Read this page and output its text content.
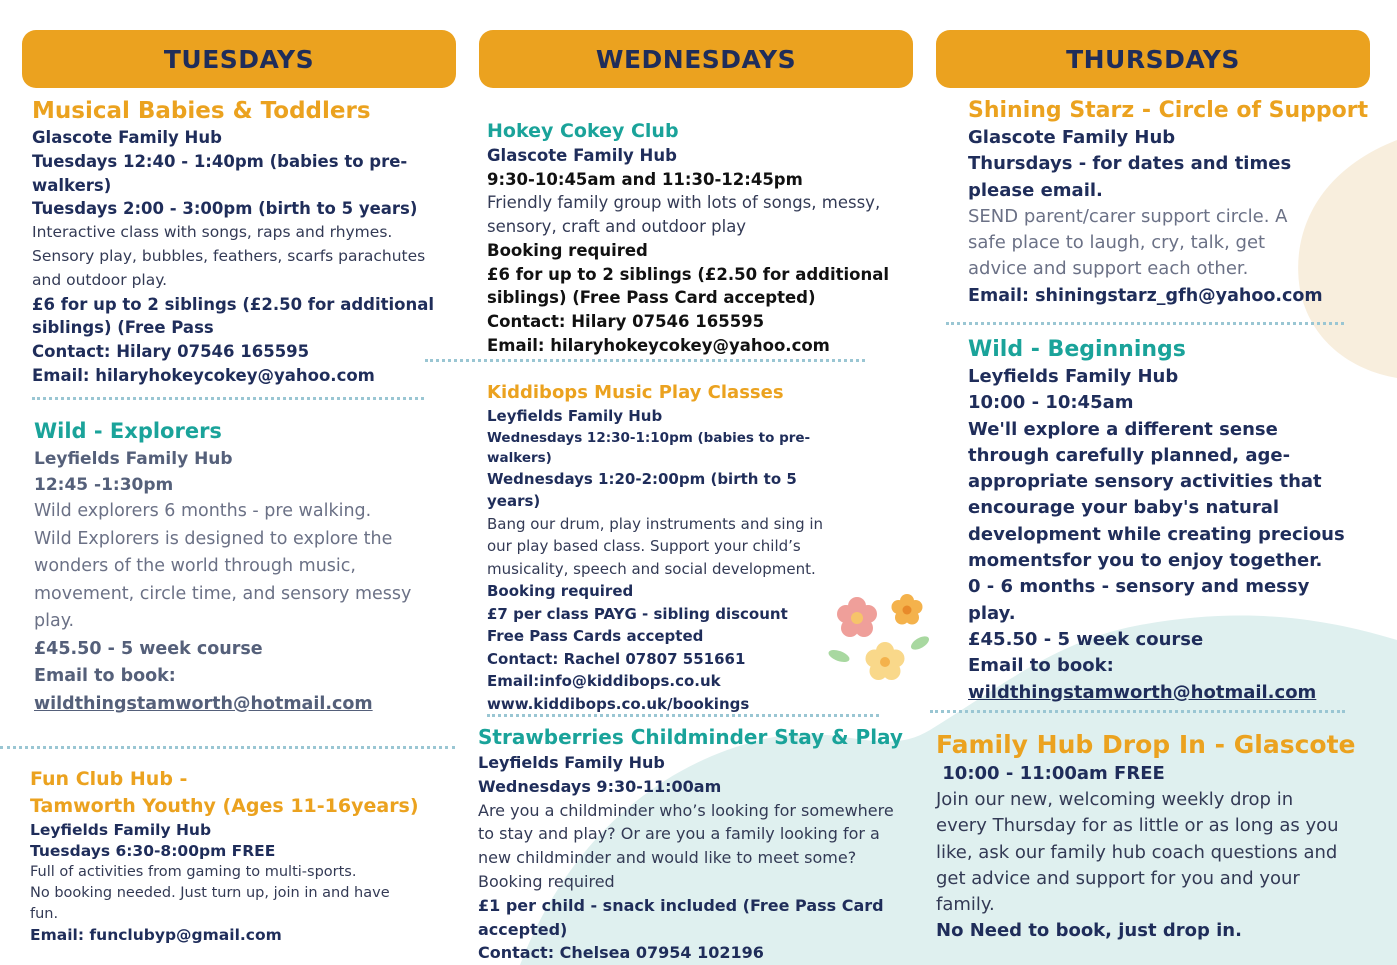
TUESDAYS	WEDNESDAYS	THURSDAYS
Musical Babies & Toddlers
Glascote Family Hub
Tuesdays 12:40 - 1:40pm (babies to pre-
walkers)
Tuesdays 2:00 - 3:00pm (birth to 5 years)
Interactive class with songs, raps and rhymes.
Sensory play, bubbles, feathers, scarfs parachutes
and outdoor play.
£6 for up to 2 siblings (£2.50 for additional
siblings) (Free Pass
Contact: Hilary 07546 165595
Email: hilaryhokeycokey@yahoo.com
Wild - Explorers
Leyfields Family Hub
12:45 -1:30pm
Wild explorers 6 months - pre walking.
Wild Explorers is designed to explore the
wonders of the world through music,
movement, circle time, and sensory messy
play.
£45.50 - 5 week course
Email to book:
wildthingstamworth@hotmail.com
Fun Club Hub -
Tamworth Youthy (Ages 11-16years)
Leyfields Family Hub
Tuesdays 6:30-8:00pm FREE
Full of activities from gaming to multi-sports.
No booking needed. Just turn up, join in and have
fun.
Email: funclubyp@gmail.com
Hokey Cokey Club
Glascote Family Hub
9:30-10:45am and 11:30-12:45pm
Friendly family group with lots of songs, messy,
sensory, craft and outdoor play
Booking required
£6 for up to 2 siblings (£2.50 for additional
siblings) (Free Pass Card accepted)
Contact: Hilary 07546 165595
Email: hilaryhokeycokey@yahoo.com
Kiddibops Music Play Classes
Leyfields Family Hub
Wednesdays 12:30-1:10pm (babies to pre-
walkers)
Wednesdays 1:20-2:00pm (birth to 5
years)
Bang our drum, play instruments and sing in
our play based class. Support your child’s
musicality, speech and social development.
Booking required
£7 per class PAYG - sibling discount
Free Pass Cards accepted
Contact: Rachel 07807 551661
Email:info@kiddibops.co.uk
www.kiddibops.co.uk/bookings
Strawberries Childminder Stay & Play
Leyfields Family Hub
Wednesdays 9:30-11:00am
Are you a childminder who’s looking for somewhere
to stay and play? Or are you a family looking for a
new childminder and would like to meet some?
Booking required
£1 per child - snack included (Free Pass Card
accepted)
Contact: Chelsea 07954 102196
Shining Starz - Circle of Support
Glascote Family Hub
Thursdays - for dates and times
please email.
SEND parent/carer support circle. A
safe place to laugh, cry, talk, get
advice and support each other.
Email: shiningstarz_gfh@yahoo.com
Wild - Beginnings
Leyfields Family Hub
10:00 - 10:45am
We'll explore a different sense
through carefully planned, age-
appropriate sensory activities that
encourage your baby's natural
development while creating precious
momentsfor you to enjoy together.
0 - 6 months - sensory and messy
play.
£45.50 - 5 week course
Email to book:
wildthingstamworth@hotmail.com
Family Hub Drop In - Glascote
10:00 - 11:00am FREE
Join our new, welcoming weekly drop in
every Thursday for as little or as long as you
like, ask our family hub coach questions and
get advice and support for you and your
family.
No Need to book, just drop in.
